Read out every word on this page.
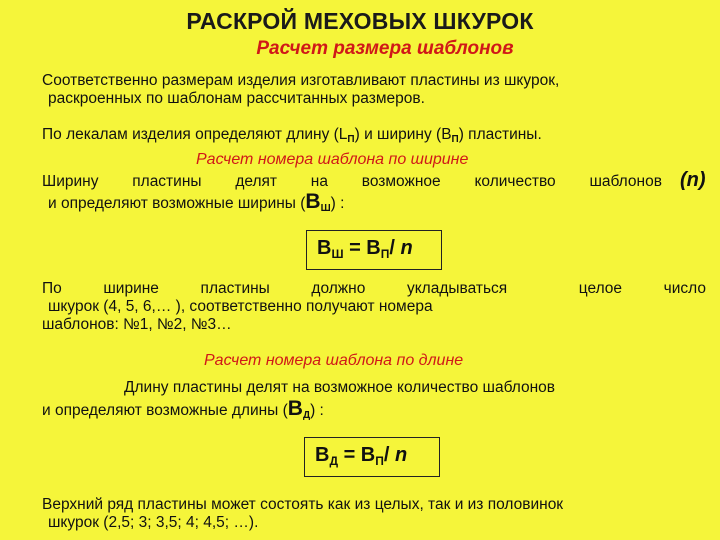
РАСКРОЙ МЕХОВЫХ ШКУРОК
Расчет размера шаблонов
Соответственно размерам изделия изготавливают пластины из шкурок,
раскроенных по шаблонам рассчитанных размеров.
По лекалам изделия определяют длину (LП) и ширину (ВП) пластины.
Расчет номера шаблона по ширине
Ширину пластины делят на возможное количество шаблонов (n)
и определяют возможные ширины (ВШ) :
$В_Ш = В_П/$ n
По	ширине	пластины	должно	укладываться	целое	число
шкурок (4, 5, 6,… ), соответственно получают номера
шаблонов: №1, №2, №3…
Расчет номера шаблона по длине
Длину пластины делят на возможное количество шаблонов
и определяют возможные длины (ВД) :
$В_Д = В_П/$ n
Верхний ряд пластины может состоять как из целых, так и из половинок
шкурок (2,5; 3; 3,5; 4; 4,5; …).
